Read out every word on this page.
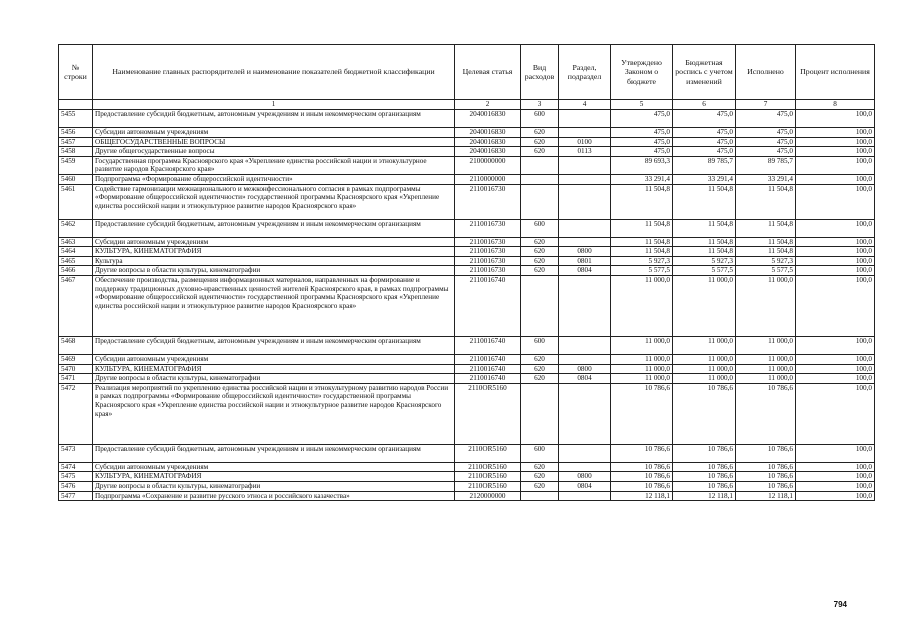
№ строки	Наименование главных распорядителей и наименование показателей бюджетной классификации	Целевая статья	Вид расходов	Раздел, подраздел	Утверждено Законом о бюджете	Бюджетная роспись с учетом изменений	Исполнено	Процент исполнения
	1	2	3	4	5	6	7	8
5455	Предоставление субсидий бюджетным, автономным учреждениям и иным некоммерческим организациям	2040016830	600		475,0	475,0	475,0	100,0
5456	Субсидии автономным учреждениям	2040016830	620		475,0	475,0	475,0	100,0
5457	ОБЩЕГОСУДАРСТВЕННЫЕ ВОПРОСЫ	2040016830	620	0100	475,0	475,0	475,0	100,0
5458	Другие общегосударственные вопросы	2040016830	620	0113	475,0	475,0	475,0	100,0
5459	Государственная программа Красноярского края «Укрепление единства российской нации и этнокультурное развитие народов Красноярского края»	2100000000			89 693,3	89 785,7	89 785,7	100,0
5460	Подпрограмма «Формирование общероссийской идентичности»	2110000000			33 291,4	33 291,4	33 291,4	100,0
5461	Содействие гармонизации межнационального и межконфессионального согласия в рамках подпрограммы «Формирование общероссийской идентичности» государственной программы Красноярского края «Укрепление единства российской нации и этнокультурное развитие народов Красноярского края»	2110016730			11 504,8	11 504,8	11 504,8	100,0
5462	Предоставление субсидий бюджетным, автономным учреждениям и иным некоммерческим организациям	2110016730	600		11 504,8	11 504,8	11 504,8	100,0
5463	Субсидии автономным учреждениям	2110016730	620		11 504,8	11 504,8	11 504,8	100,0
5464	КУЛЬТУРА, КИНЕМАТОГРАФИЯ	2110016730	620	0800	11 504,8	11 504,8	11 504,8	100,0
5465	Культура	2110016730	620	0801	5 927,3	5 927,3	5 927,3	100,0
5466	Другие вопросы в области культуры, кинематографии	2110016730	620	0804	5 577,5	5 577,5	5 577,5	100,0
5467	Обеспечение производства, размещения информационных материалов, направленных на формирование и поддержку традиционных духовно-нравственных ценностей жителей Красноярского края, в рамках подпрограммы «Формирование общероссийской идентичности» государственной программы Красноярского края «Укрепление единства российской нации и этнокультурное развитие народов Красноярского края»	2110016740			11 000,0	11 000,0	11 000,0	100,0
5468	Предоставление субсидий бюджетным, автономным учреждениям и иным некоммерческим организациям	2110016740	600		11 000,0	11 000,0	11 000,0	100,0
5469	Субсидии автономным учреждениям	2110016740	620		11 000,0	11 000,0	11 000,0	100,0
5470	КУЛЬТУРА, КИНЕМАТОГРАФИЯ	2110016740	620	0800	11 000,0	11 000,0	11 000,0	100,0
5471	Другие вопросы в области культуры, кинематографии	2110016740	620	0804	11 000,0	11 000,0	11 000,0	100,0
5472	Реализация мероприятий по укреплению единства российской нации и этнокультурному развитию народов России в рамках подпрограммы «Формирование общероссийской идентичности» государственной программы Красноярского края «Укрепление единства российской нации и этнокультурное развитие народов Красноярского края»	2110OR5160			10 786,6	10 786,6	10 786,6	100,0
5473	Предоставление субсидий бюджетным, автономным учреждениям и иным некоммерческим организациям	2110OR5160	600		10 786,6	10 786,6	10 786,6	100,0
5474	Субсидии автономным учреждениям	2110OR5160	620		10 786,6	10 786,6	10 786,6	100,0
5475	КУЛЬТУРА, КИНЕМАТОГРАФИЯ	2110OR5160	620	0800	10 786,6	10 786,6	10 786,6	100,0
5476	Другие вопросы в области культуры, кинематографии	2110OR5160	620	0804	10 786,6	10 786,6	10 786,6	100,0
5477	Подпрограмма «Сохранение и развитие русского этноса и российского казачества»	2120000000			12 118,1	12 118,1	12 118,1	100,0
794
